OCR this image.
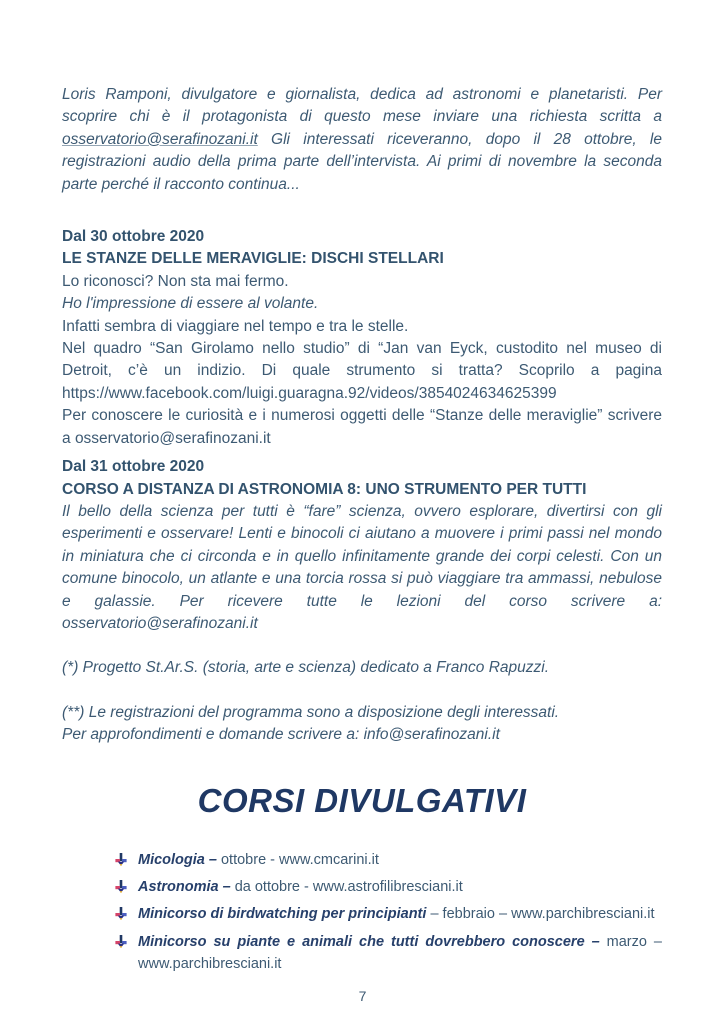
Loris Ramponi, divulgatore e giornalista, dedica ad astronomi e planetaristi. Per scoprire chi è il protagonista di questo mese inviare una richiesta scritta a osservatorio@serafinozani.it Gli interessati riceveranno, dopo il 28 ottobre, le registrazioni audio della prima parte dell’intervista. Ai primi di novembre la seconda parte perché il racconto continua...

Dal 30 ottobre 2020

LE STANZE DELLE MERAVIGLIE: DISCHI STELLARI

Lo riconosci? Non sta mai fermo.

Ho l'impressione di essere al volante.

Infatti sembra di viaggiare nel tempo e tra le stelle.

Nel quadro “San Girolamo nello studio” di “Jan van Eyck, custodito nel museo di Detroit, c’è un indizio. Di quale strumento si tratta? Scoprilo a pagina

https://www.facebook.com/luigi.guaragna.92/videos/3854024634625399

Per conoscere le curiosità e i numerosi oggetti delle “Stanze delle meraviglie” scrivere a osservatorio@serafinozani.it

Dal 31 ottobre 2020

CORSO A DISTANZA DI ASTRONOMIA 8: UNO STRUMENTO PER TUTTI

Il bello della scienza per tutti è “fare” scienza, ovvero esplorare, divertirsi con gli esperimenti e osservare! Lenti e binocoli ci aiutano a muovere i primi passi nel mondo in miniatura che ci circonda e in quello infinitamente grande dei corpi celesti. Con un comune binocolo, un atlante e una torcia rossa si può viaggiare tra ammassi, nebulose e galassie. Per ricevere tutte le lezioni del corso scrivere a: osservatorio@serafinozani.it

(*) Progetto St.Ar.S. (storia, arte e scienza) dedicato a Franco Rapuzzi.

(**) Le registrazioni del programma sono a disposizione degli interessati.

Per approfondimenti e domande scrivere a: info@serafinozani.it

CORSI DIVULGATIVI
Micologia – ottobre - www.cmcarini.it
Astronomia – da ottobre - www.astrofilibresciani.it
Minicorso di birdwatching per principianti – febbraio – www.parchibresciani.it
Minicorso su piante e animali che tutti dovrebbero conoscere – marzo – www.parchibresciani.it
7
